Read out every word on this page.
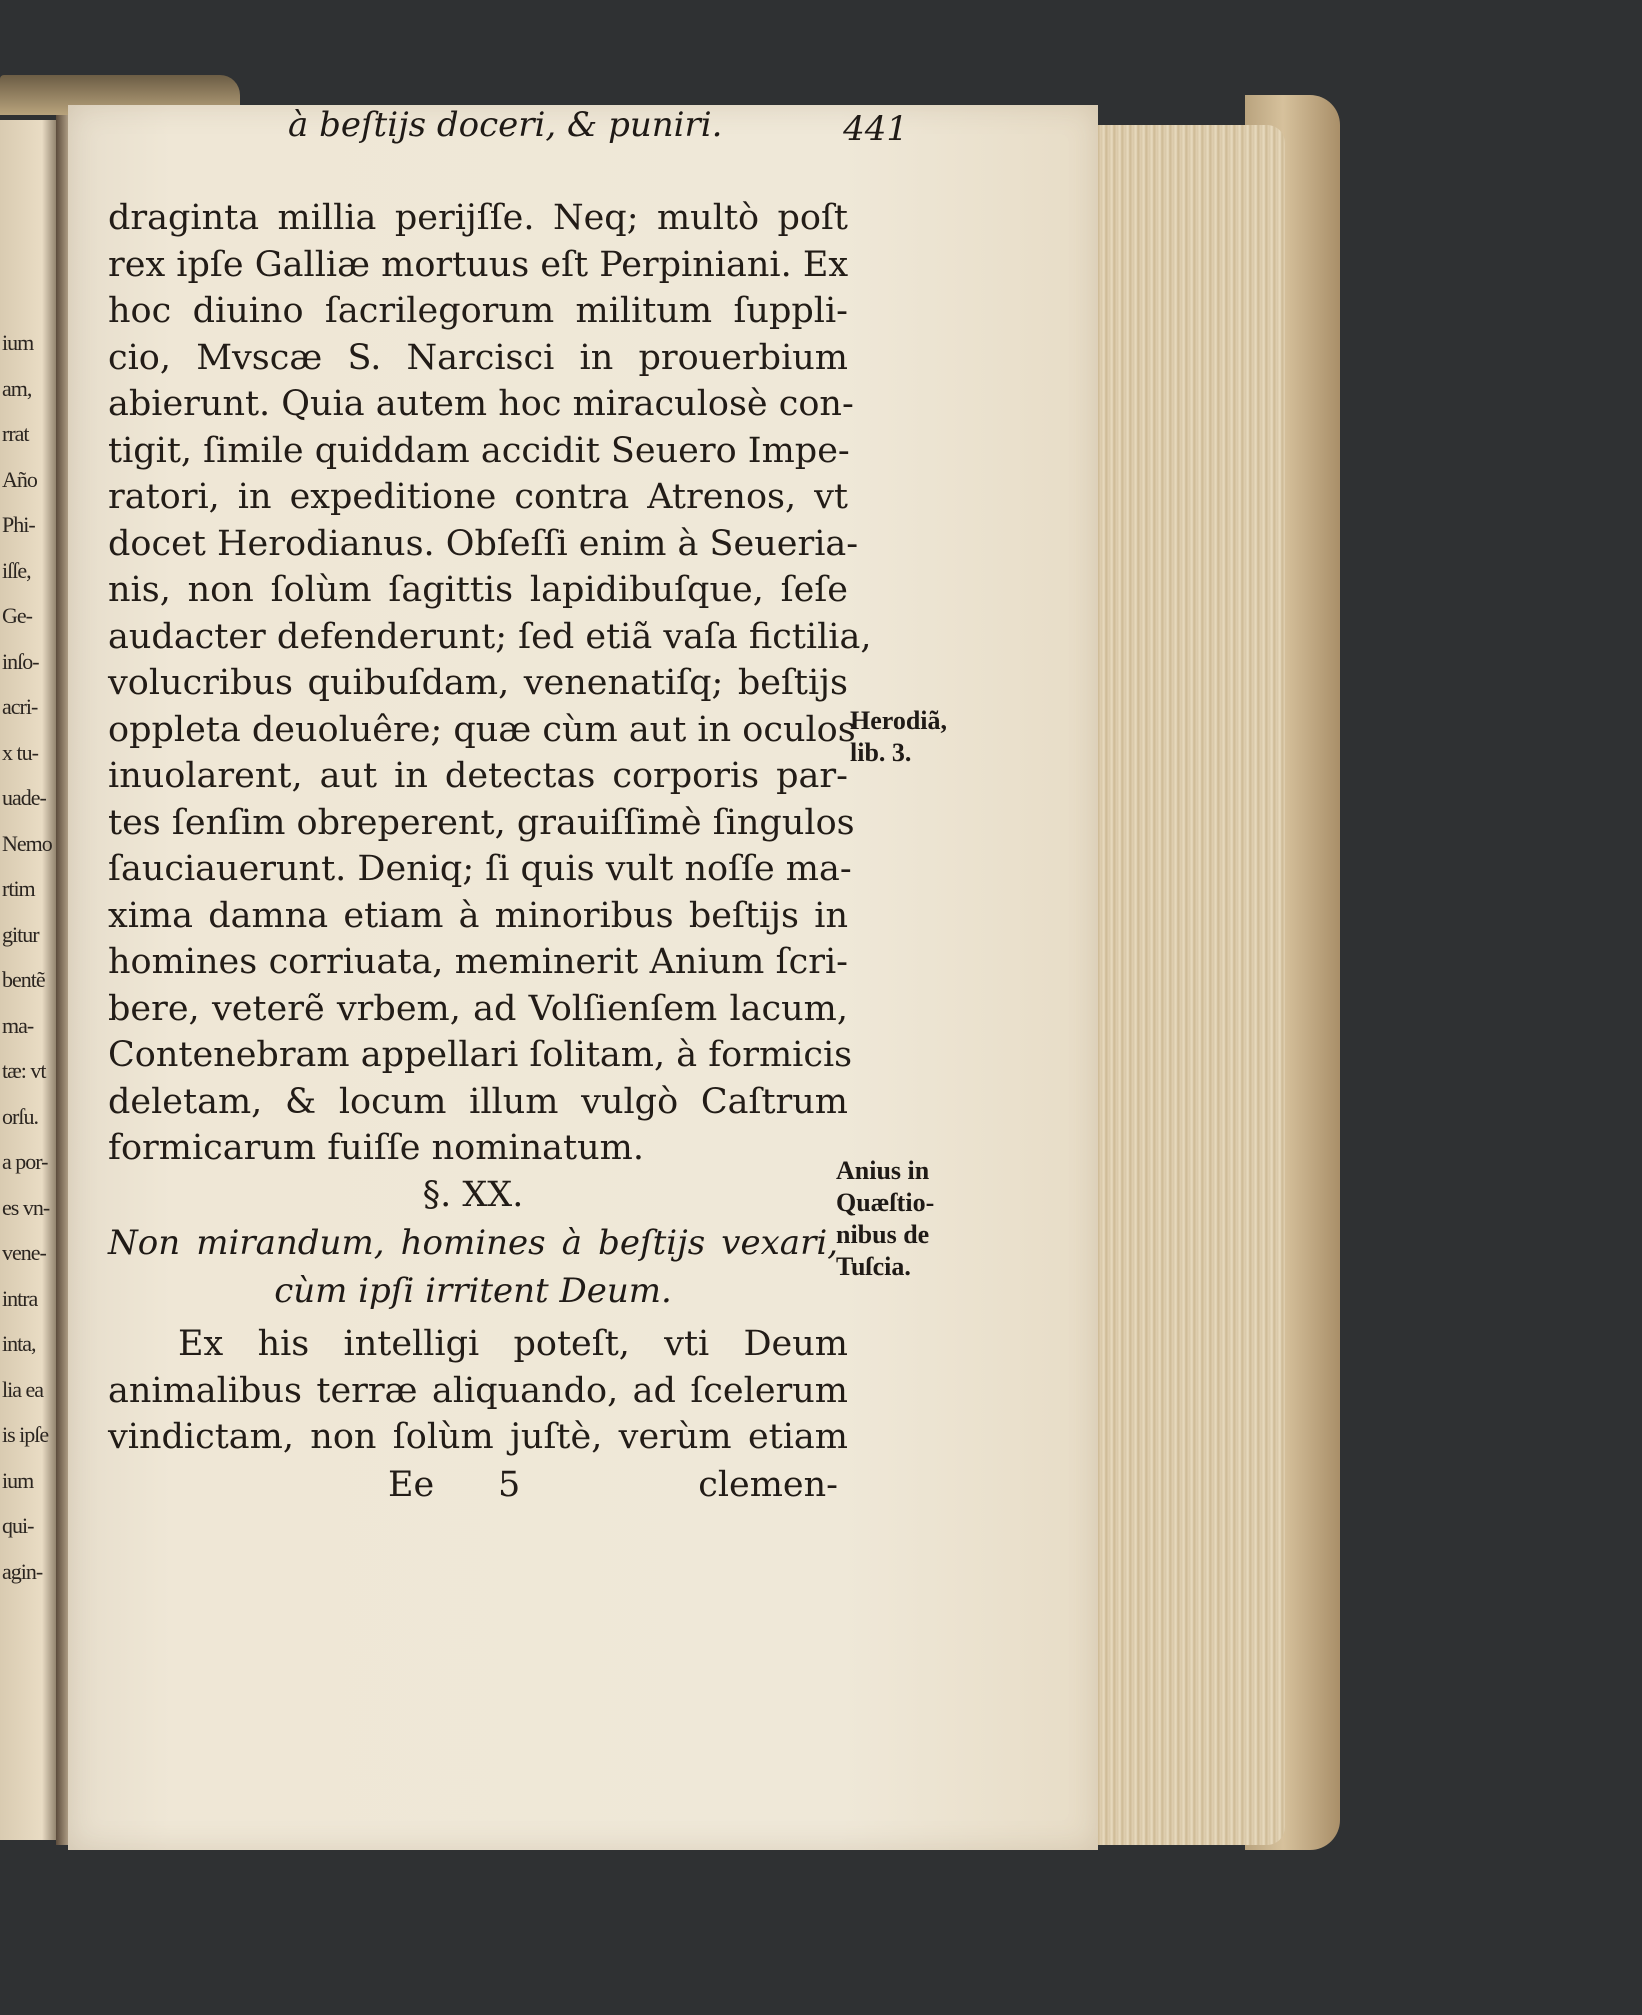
ium
am,
rrat
Año
Phi-
iſſe,
Ge-
inſo-
acri-
x tu-
uade-
Nemo
rtim
gitur
bentẽ
ma-
tæ: vt
orſu.
a por-
es vn-
vene-
intra
inta,
lia ea
is ipſe
ium
qui-
agin-
à beſtijs doceri, & puniri.	441
draginta millia perijſſe. Neq; multò poſt
rex ipſe Galliæ mortuus eſt Perpiniani. Ex
hoc diuino ſacrilegorum militum ſuppli-
cio, Mvscæ S. Narcisci in prouerbium
abierunt. Quia autem hoc miraculosè con-
tigit, ſimile quiddam accidit Seuero Impe-
ratori, in expeditione contra Atrenos, vt
docet Herodianus. Obſeſſi enim à Seueria-
nis, non ſolùm ſagittis lapidibuſque, ſeſe
audacter defenderunt; ſed etiã vaſa fictilia,
volucribus quibuſdam, venenatiſq; beſtijs
oppleta deuoluêre; quæ cùm aut in oculos
inuolarent, aut in detectas corporis par-
tes ſenſim obreperent, grauiſſimè ſingulos
ſauciauerunt. Deniq; ſi quis vult noſſe ma-
xima damna etiam à minoribus beſtijs in
homines corriuata, meminerit Anium ſcri-
bere, veterẽ vrbem, ad Volſienſem lacum,
Contenebram appellari ſolitam, à formicis
deletam, & locum illum vulgò Caſtrum
formicarum fuiſſe nominatum.
§. XX.
Non mirandum, homines à beſtijs vexari,
cùm ipſi irritent Deum.
Ex his intelligi poteſt, vti Deum
animalibus terræ aliquando, ad ſcelerum
vindictam, non ſolùm juſtè, verùm etiam
Ee 5	clemen-
Herodiã,
lib. 3.
Anius in
Quæſtio-
nibus de
Tuſcia.
